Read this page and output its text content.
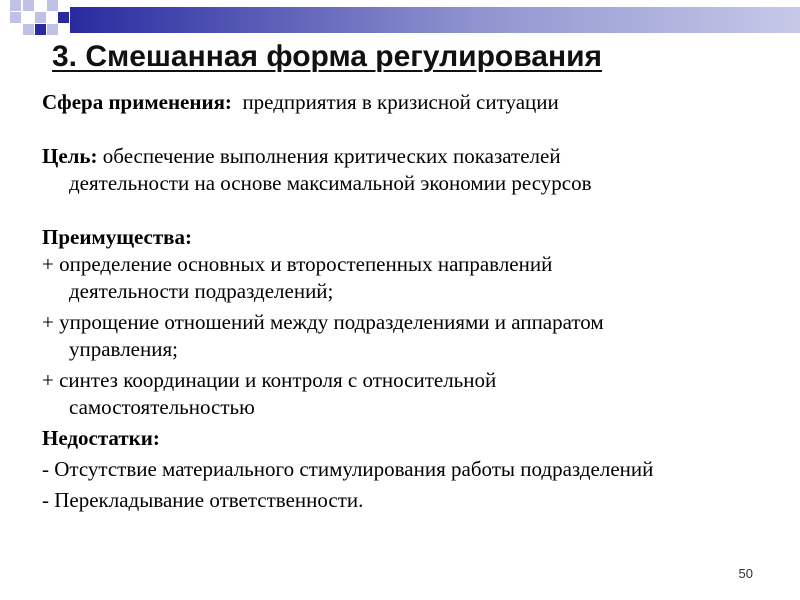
3. Смешанная форма регулирования
Сфера применения: предприятия в кризисной ситуации
Цель: обеспечение выполнения критических показателей
деятельности на основе максимальной экономии ресурсов
Преимущества:
+ определение основных и второстепенных направлений
деятельности подразделений;
+ упрощение отношений между подразделениями и аппаратом
управления;
+ синтез координации и контроля с относительной
самостоятельностью
Недостатки:
- Отсутствие материального стимулирования работы подразделений
- Перекладывание ответственности.
50
